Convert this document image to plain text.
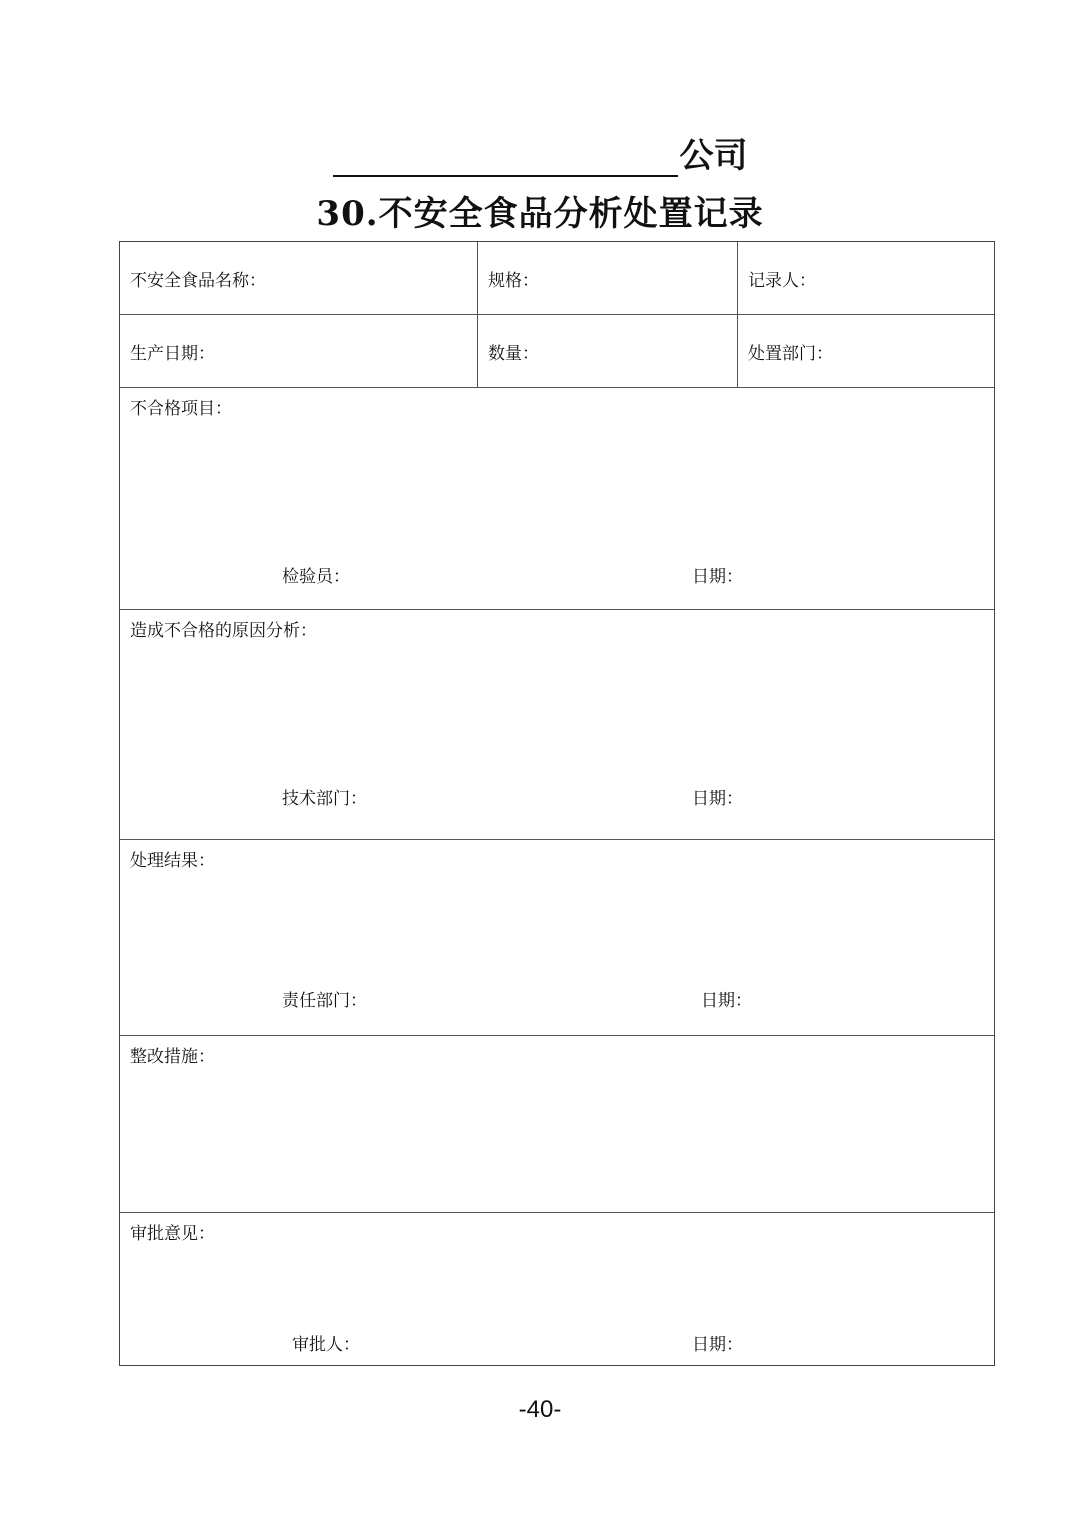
公司
30.不安全食品分析处置记录
不安全食品名称：	规格：	记录人：
生产日期：	数量：	处置部门：
不合格项目：
检验员：	日期：
造成不合格的原因分析：
技术部门：	日期：
处理结果：
责任部门：	日期：
整改措施：
审批意见：
审批人：	日期：
-40-
